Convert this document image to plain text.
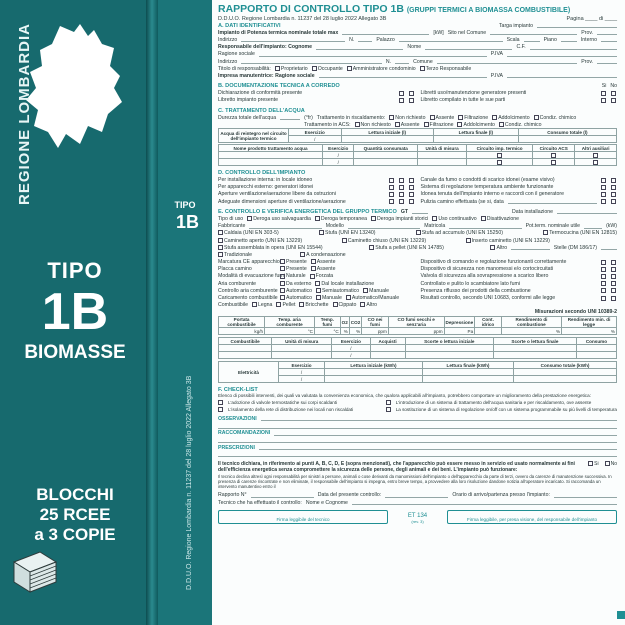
TIPO
1B
BIOMASSE
BLOCCHI
25 RCEE
a 3 COPIE
REGIONE LOMBARDIA	TIPO
1B
D.D.U.O. Regione Lombardia n. 11237 del 28 luglio 2022 Allegato 3B
RAPPORTO DI CONTROLLO TIPO 1B (GRUPPI TERMICI A BIOMASSA COMBUSTIBILE)
D.D.U.O. Regione Lombardia n. 11237 del 28 luglio 2022 Allegato 3B	Pagina ____ di ____
A. DATI IDENTIFICATIVI	Targa impianto
Impianto di Potenza termica nominale totale max	[kW] Sito nel Comune	Prov.
Indirizzo	N.	Palazzo	Scala	Piano	Interno
Responsabile dell'impianto: Cognome	Nome	C.F.
Ragione sociale	P.IVA
Indirizzo	N.	Comune	Prov.
Titolo di responsabilità:	Proprietario	Occupante	Amministratore condominio	Terzo Responsabile
Impresa manutentrice: Ragione sociale	P.IVA
B. DOCUMENTAZIONE TECNICA A CORREDO	Si No
Dichiarazione di conformità presente
Libretto impianto presente
Libretti uso/manutenzione generatore presenti
Libretto compilato in tutte le sue parti
C. TRATTAMENTO DELL'ACQUA
Durezza totale dell'acqua	(°fr) Trattamento in riscaldamento:	Non richiesto	Assente	Filtrazione	Addolcimento	Condiz. chimico
Trattamento in ACS:	Non richiesto	Assente	Filtrazione	Addolcimento	Condiz. chimico
Acqua di reintegro nel circuito dell'impianto termico	Esercizio	Lettura iniziale (l)	Lettura finale (l)	Consumo totale (l)
	/			
Nome prodotto trattamento acqua	Esercizio	Quantità consumata	Unità di misura	Circuito imp. termico	Circuito ACS	Altri ausiliari
	/					
	/					
D. CONTROLLO DELL'IMPIANTO
Per installazione interna: in locale idoneo
Per apparecchi esterno: generatori idonei
Aperture ventilazione/aerazione libere da ostruzioni
Adeguate dimensioni aperture di ventilazione/aerazione
Canale da fumo o condotti di scarico idonei (esame visivo)
Sistema di regolazione temperatura ambiente funzionante
Idonea tenuta dell'impianto interno e raccordi con il generatore
Pulizia camino effettuata (se si, data
E. CONTROLLO E VERIFICA ENERGETICA DEL GRUPPO TERMICO GT	Data installazione
Tipo di uso	Deroga uso salvaguardia	Deroga temporanea	Deroga impianti storici	Uso continuativo	Disattivazione
Fabbricante	Modello	Matricola	Pot.term. nominale utile	(kW)
Caldaia (UNI EN 303-5)	Stufa (UNI EN 13240)	Stufa ad accumulo (UNI EN 15250)	Termocucina (UNI EN 12815)
Caminetto aperto (UNI EN 13229)	Caminetto chiuso (UNI EN 13229)	Inserto caminetto (UNI EN 13229)
Stufa assemblata in opera (UNI EN 15544)	Stufa a pellet (UNI EN 14785)	Altro	Stelle (DM 186/17)
Tradizionale	A condensazione
Marcatura CE apparecchio	Presente	Assente
Placca camino	Presente	Assente
Modalità di evacuazione fumi Naturale	Forzata
Aria comburente	Da esterno	Dal locale installazione
Controllo aria comburente	Automatico	Semiautomatico	Manuale
Caricamento combustibile	Automatico	Manuale	Automatico/Manuale
Combustibile	Legna	Pellet	Bricchette	Cippato	Altro
Dispositivo di comando e regolazione funzionanti correttamente
Dispositivo di sicurezza non manomessi e/o cortocircuitati
Valvola di sicurezza alla sovrapressione a scarico libero
Controllato e pulito lo scambiatore lato fumi
Presenza riflusso dei prodotti della combustione
Risultati controllo, secondo UNI 10683, conformi alle legge
Misurazioni secondo UNI 10389-2
Portata combustibile	Temp. aria comburente	Temp. fumi	O2	CO2	CO nei fumi	CO fumi secchi e senz'aria	Depressione	Cont. idrico	Rendimento di combustione	Rendimento min. di legge
kg/h	°C	°C	%	%	ppm	ppm	Pa		%	%
Combustibile	Unità di misura	Esercizio	Acquisti	Scorte o lettura iniziale	Scorte o lettura finale	Consumo
		/				
		/				
Elettricità	Esercizio	Lettura iniziale (kWh)	Lettura finale (kWh)	Consumo totale (kWh)
	/			
	/			
F. CHECK-LIST
Elenco di possibili interventi, dei quali va valutata la convenienza economica, che qualora applicabili all'impianto, potrebbero comportare un miglioramento della prestazione energetica:
L'adozione di valvole termostatiche sui corpi scaldanti
L'isolamento della rete di distribuzione nei locali non riscaldati
L'introduzione di un sistema di trattamento dell'acqua sanitaria e per riscaldamento, ove assente
La sostituzione di un sistema di regolazione on/off con un sistema programmabile su più livelli di temperatura
OSSERVAZIONI
RACCOMANDAZIONI
PRESCRIZIONI
Il tecnico dichiara, in riferimento ai punti A, B, C, D, E (sopra menzionati), che l'apparecchio può essere messo in servizio ed usato normalmente ai fini dell'efficienza energetica senza compromettere la sicurezza delle persone, degli animali e dei beni. L'impianto può funzionare:
Si	No
Il tecnico declina altresì ogni responsabilità per sinistri a persone, animali o cose derivanti da manomissioni dell'impianto o dell'apparecchio da parte di terzi, ovvero da carenze di manutenzione successiva. In presenza di carenze riscontrate e non eliminate, il responsabile dell'impianto si impegna, entro breve tempo, a provvedere alla loro risoluzione dandone notizia all'operatore incaricato. Si raccomanda un intervento manutentivo entro il
Rapporto N°	Data del presente controllo:	Orario di arrivo/partenza presso l'impianto:
Tecnico che ha effettuato il controllo: Nome e Cognome
Firma leggibile del tecnico
ET 134
(rev. 3)	Firma leggibile, per presa visione, del responsabile dell'impianto
